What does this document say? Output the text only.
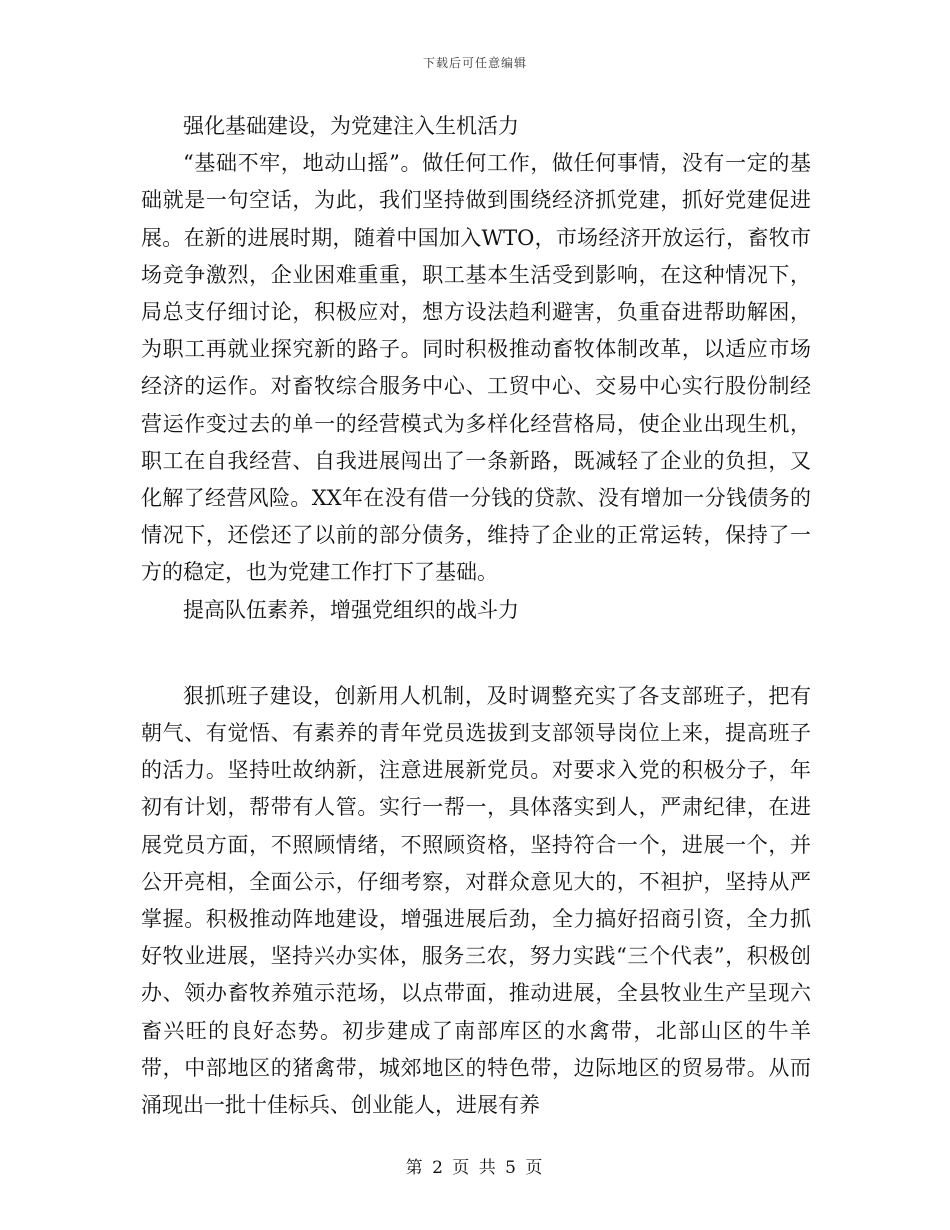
下载后可任意编辑

强化基础建设，为党建注入生机活力

“基础不牢，地动山摇”。做任何工作，做任何事情，没有一定的基础就是一句空话，为此，我们坚持做到围绕经济抓党建，抓好党建促进展。在新的进展时期，随着中国加入WTO，市场经济开放运行，畜牧市场竞争激烈，企业困难重重，职工基本生活受到影响，在这种情况下，局总支仔细讨论，积极应对，想方设法趋利避害，负重奋进帮助解困，为职工再就业探究新的路子。同时积极推动畜牧体制改革，以适应市场经济的运作。对畜牧综合服务中心、工贸中心、交易中心实行股份制经营运作变过去的单一的经营模式为多样化经营格局，使企业出现生机，职工在自我经营、自我进展闯出了一条新路，既减轻了企业的负担，又化解了经营风险。XX年在没有借一分钱的贷款、没有增加一分钱债务的情况下，还偿还了以前的部分债务，维持了企业的正常运转，保持了一方的稳定，也为党建工作打下了基础。

提高队伍素养，增强党组织的战斗力

狠抓班子建设，创新用人机制，及时调整充实了各支部班子，把有朝气、有觉悟、有素养的青年党员选拔到支部领导岗位上来，提高班子的活力。坚持吐故纳新，注意进展新党员。对要求入党的积极分子，年初有计划，帮带有人管。实行一帮一，具体落实到人，严肃纪律，在进展党员方面，不照顾情绪，不照顾资格，坚持符合一个，进展一个，并公开亮相，全面公示，仔细考察，对群众意见大的，不袒护，坚持从严掌握。积极推动阵地建设，增强进展后劲，全力搞好招商引资，全力抓好牧业进展，坚持兴办实体，服务三农，努力实践“三个代表”，积极创办、领办畜牧养殖示范场，以点带面，推动进展，全县牧业生产呈现六畜兴旺的良好态势。初步建成了南部库区的水禽带，北部山区的牛羊带，中部地区的猪禽带，城郊地区的特色带，边际地区的贸易带。从而涌现出一批十佳标兵、创业能人，进展有养

第 2 页 共 5 页
